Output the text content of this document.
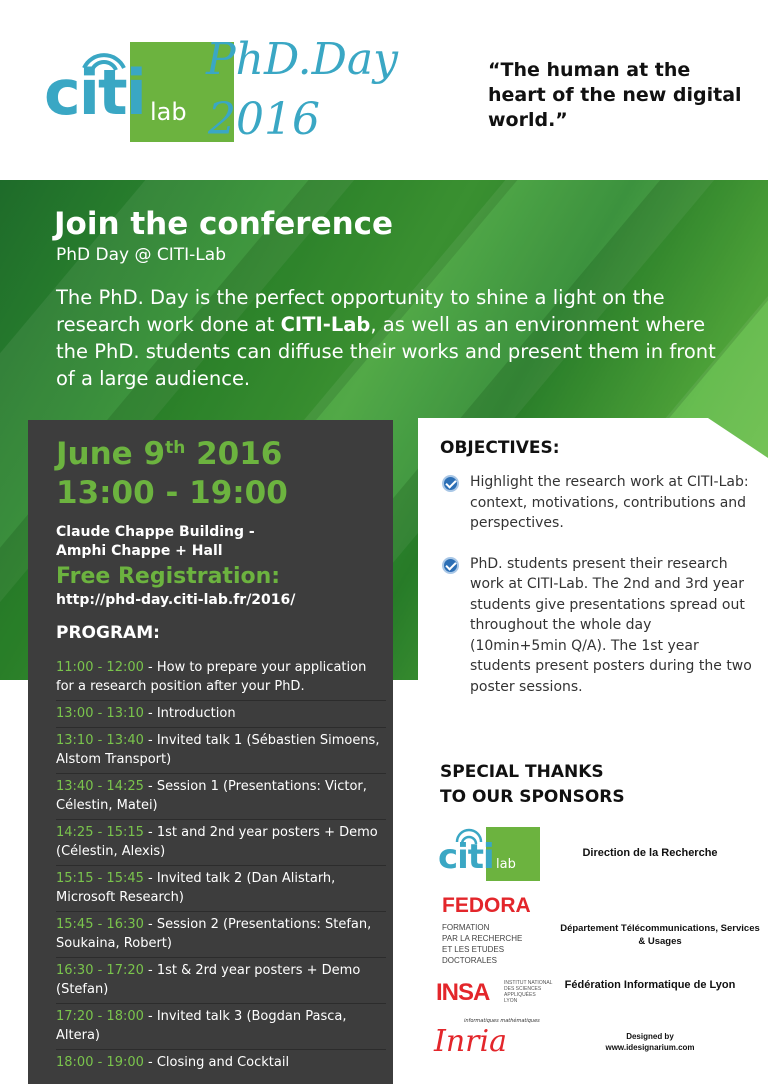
citi lab
PhD.Day
2016
“The human at the heart of the new digital world.”
Join the conference
PhD Day @ CITI-Lab
The PhD. Day is the perfect opportunity to shine a light on the research work done at CITI-Lab, as well as an environment where the PhD. students can diffuse their works and present them in front of a large audience.
June 9th 2016
13:00 - 19:00
Claude Chappe Building -
Amphi Chappe + Hall
Free Registration:
http://phd-day.citi-lab.fr/2016/
PROGRAM:
11:00 - 12:00 - How to prepare your application for a research position after your PhD.
13:00 - 13:10 - Introduction
13:10 - 13:40 - Invited talk 1 (Sébastien Simoens, Alstom Transport)
13:40 - 14:25 - Session 1 (Presentations: Victor, Célestin, Matei)
14:25 - 15:15 - 1st and 2nd year posters + Demo (Célestin, Alexis)
15:15 - 15:45 - Invited talk 2 (Dan Alistarh, Microsoft Research)
15:45 - 16:30 - Session 2 (Presentations: Stefan, Soukaina, Robert)
16:30 - 17:20 - 1st & 2rd year posters + Demo (Stefan)
17:20 - 18:00 - Invited talk 3 (Bogdan Pasca, Altera)
18:00 - 19:00 - Closing and Cocktail
OBJECTIVES:
Highlight the research work at CITI-Lab: context, motivations, contributions and perspectives.
PhD. students present their research work at CITI-Lab. The 2nd and 3rd year students give presentations spread out throughout the whole day (10min+5min Q/A). The 1st year students present posters during the two poster sessions.
SPECIAL THANKS
TO OUR SPONSORS
citi lab
FEDORA
FORMATION
PAR LA RECHERCHE
ET LES ETUDES
DOCTORALES
INSA	INSTITUT NATIONAL
DES SCIENCES
APPLIQUÉES
LYON
informatiques mathématiques
Inria
Direction de la Recherche
Département Télécommunications, Services & Usages
Fédération Informatique de Lyon
Designed by
www.idesignarium.com
